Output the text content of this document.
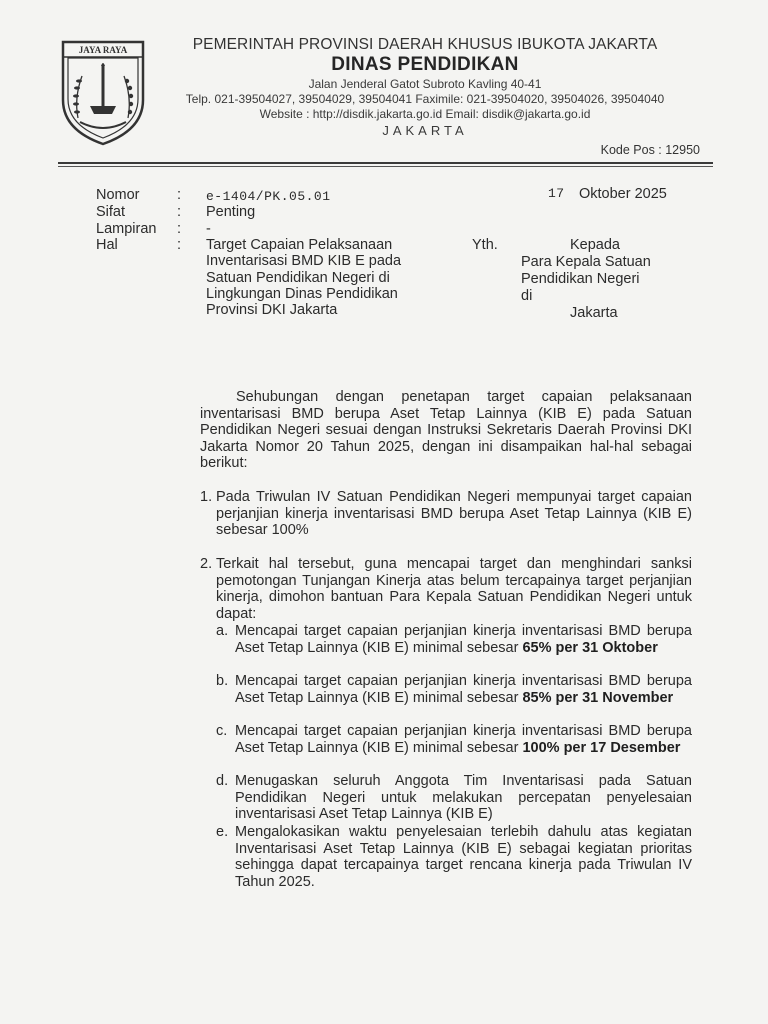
JAYA RAYA	PEMERINTAH PROVINSI DAERAH KHUSUS IBUKOTA JAKARTA
DINAS PENDIDIKAN
Jalan Jenderal Gatot Subroto Kavling 40-41
Telp. 021-39504027, 39504029, 39504041 Faximile: 021-39504020, 39504026, 39504040
Website : http://disdik.jakarta.go.id Email: disdik@jakarta.go.id
JAKARTA
Kode Pos : 12950
Nomor	: e-1404/PK.05.01
Sifat	: Penting
Lampiran : -
Hal	: Target Capaian Pelaksanaan Inventarisasi BMD KIB E pada Satuan Pendidikan Negeri di Lingkungan Dinas Pendidikan Provinsi DKI Jakarta
17 Oktober 2025
Yth.	Kepada
Para Kepala Satuan Pendidikan Negeri
di
Jakarta
Sehubungan dengan penetapan target capaian pelaksanaan inventarisasi BMD berupa Aset Tetap Lainnya (KIB E) pada Satuan Pendidikan Negeri sesuai dengan Instruksi Sekretaris Daerah Provinsi DKI Jakarta Nomor 20 Tahun 2025, dengan ini disampaikan hal-hal sebagai berikut:
1. Pada Triwulan IV Satuan Pendidikan Negeri mempunyai target capaian perjanjian kinerja inventarisasi BMD berupa Aset Tetap Lainnya (KIB E) sebesar 100%
2. Terkait hal tersebut, guna mencapai target dan menghindari sanksi pemotongan Tunjangan Kinerja atas belum tercapainya target perjanjian kinerja, dimohon bantuan Para Kepala Satuan Pendidikan Negeri untuk dapat:
a. Mencapai target capaian perjanjian kinerja inventarisasi BMD berupa Aset Tetap Lainnya (KIB E) minimal sebesar 65% per 31 Oktober
b. Mencapai target capaian perjanjian kinerja inventarisasi BMD berupa Aset Tetap Lainnya (KIB E) minimal sebesar 85% per 31 November
c. Mencapai target capaian perjanjian kinerja inventarisasi BMD berupa Aset Tetap Lainnya (KIB E) minimal sebesar 100% per 17 Desember
d. Menugaskan seluruh Anggota Tim Inventarisasi pada Satuan Pendidikan Negeri untuk melakukan percepatan penyelesaian inventarisasi Aset Tetap Lainnya (KIB E)
e. Mengalokasikan waktu penyelesaian terlebih dahulu atas kegiatan Inventarisasi Aset Tetap Lainnya (KIB E) sebagai kegiatan prioritas sehingga dapat tercapainya target rencana kinerja pada Triwulan IV Tahun 2025.
